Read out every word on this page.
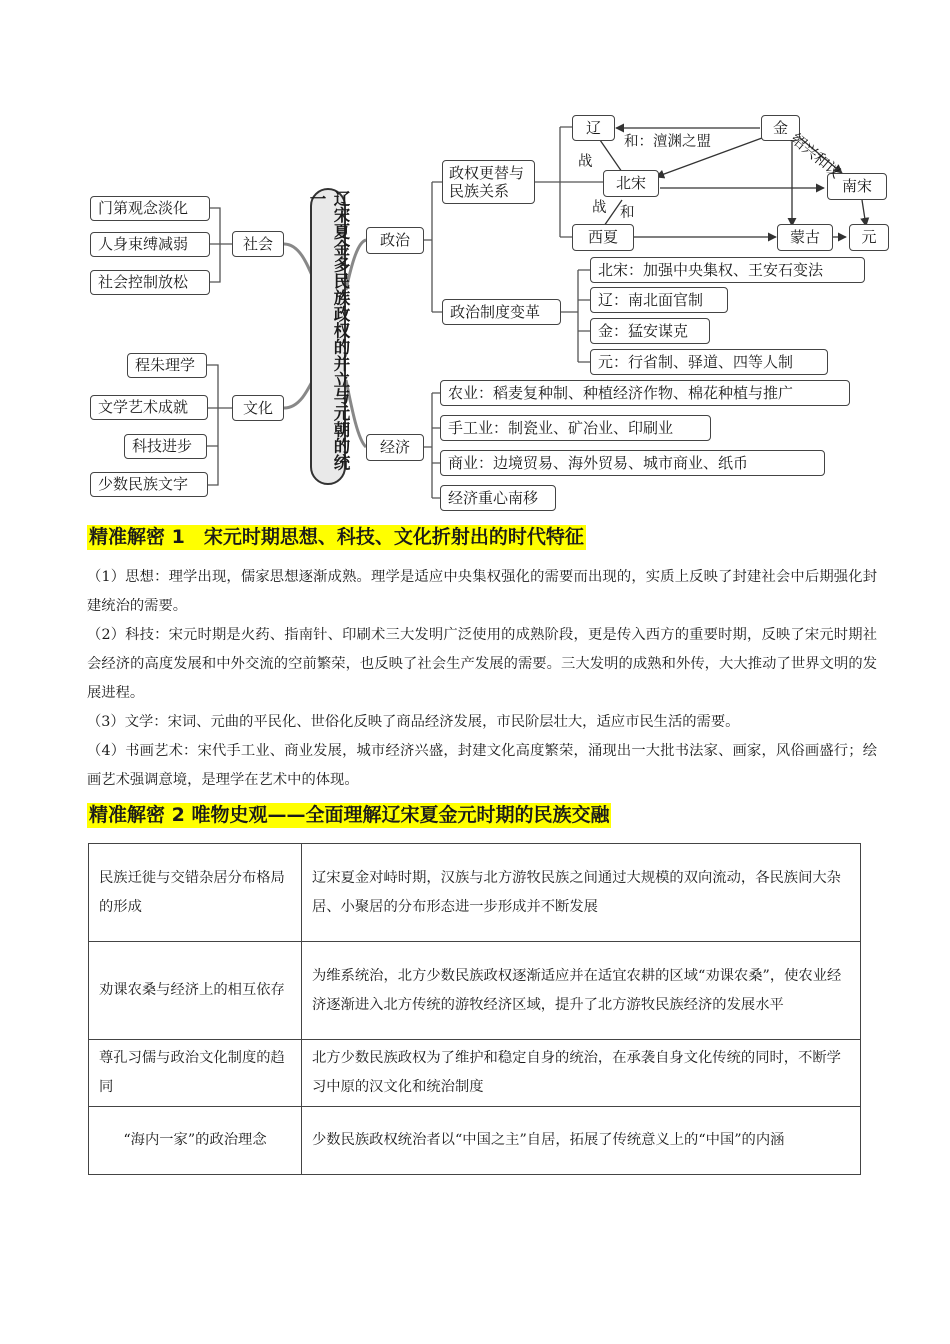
门第观念淡化
人身束缚减弱
社会控制放松
社会
程朱理学
文学艺术成就
科技进步
少数民族文字
文化	辽宋夏金多民族政权的并立与元朝的统一
政治
政权更替与民族关系
政治制度变革
辽	金
北宋	南宋
西夏	蒙古	元
和：澶渊之盟
战
战 和
绍兴和议
北宋：加强中央集权、王安石变法
辽：南北面官制
金：猛安谋克
元：行省制、驿道、四等人制
经济
农业：稻麦复种制、种植经济作物、棉花种植与推广
手工业：制瓷业、矿冶业、印刷业
商业：边境贸易、海外贸易、城市商业、纸币
经济重心南移
精准解密 1　宋元时期思想、科技、文化折射出的时代特征

（1）思想：理学出现，儒家思想逐渐成熟。理学是适应中央集权强化的需要而出现的，实质上反映了封建社会中后期强化封建统治的需要。

（2）科技：宋元时期是火药、指南针、印刷术三大发明广泛使用的成熟阶段，更是传入西方的重要时期，反映了宋元时期社会经济的高度发展和中外交流的空前繁荣，也反映了社会生产发展的需要。三大发明的成熟和外传，大大推动了世界文明的发展进程。

（3）文学：宋词、元曲的平民化、世俗化反映了商品经济发展，市民阶层壮大，适应市民生活的需要。

（4）书画艺术：宋代手工业、商业发展，城市经济兴盛，封建文化高度繁荣，涌现出一大批书法家、画家，风俗画盛行；绘画艺术强调意境，是理学在艺术中的体现。

精准解密 2 唯物史观——全面理解辽宋夏金元时期的民族交融
民族迁徙与交错杂居分布格局的形成	辽宋夏金对峙时期，汉族与北方游牧民族之间通过大规模的双向流动，各民族间大杂居、小聚居的分布形态进一步形成并不断发展
劝课农桑与经济上的相互依存	为维系统治，北方少数民族政权逐渐适应并在适宜农耕的区域“劝课农桑”，使农业经济逐渐进入北方传统的游牧经济区域，提升了北方游牧民族经济的发展水平
尊孔习儒与政治文化制度的趋同	北方少数民族政权为了维护和稳定自身的统治，在承袭自身文化传统的同时，不断学习中原的汉文化和统治制度
“海内一家”的政治理念	少数民族政权统治者以“中国之主”自居，拓展了传统意义上的“中国”的内涵
